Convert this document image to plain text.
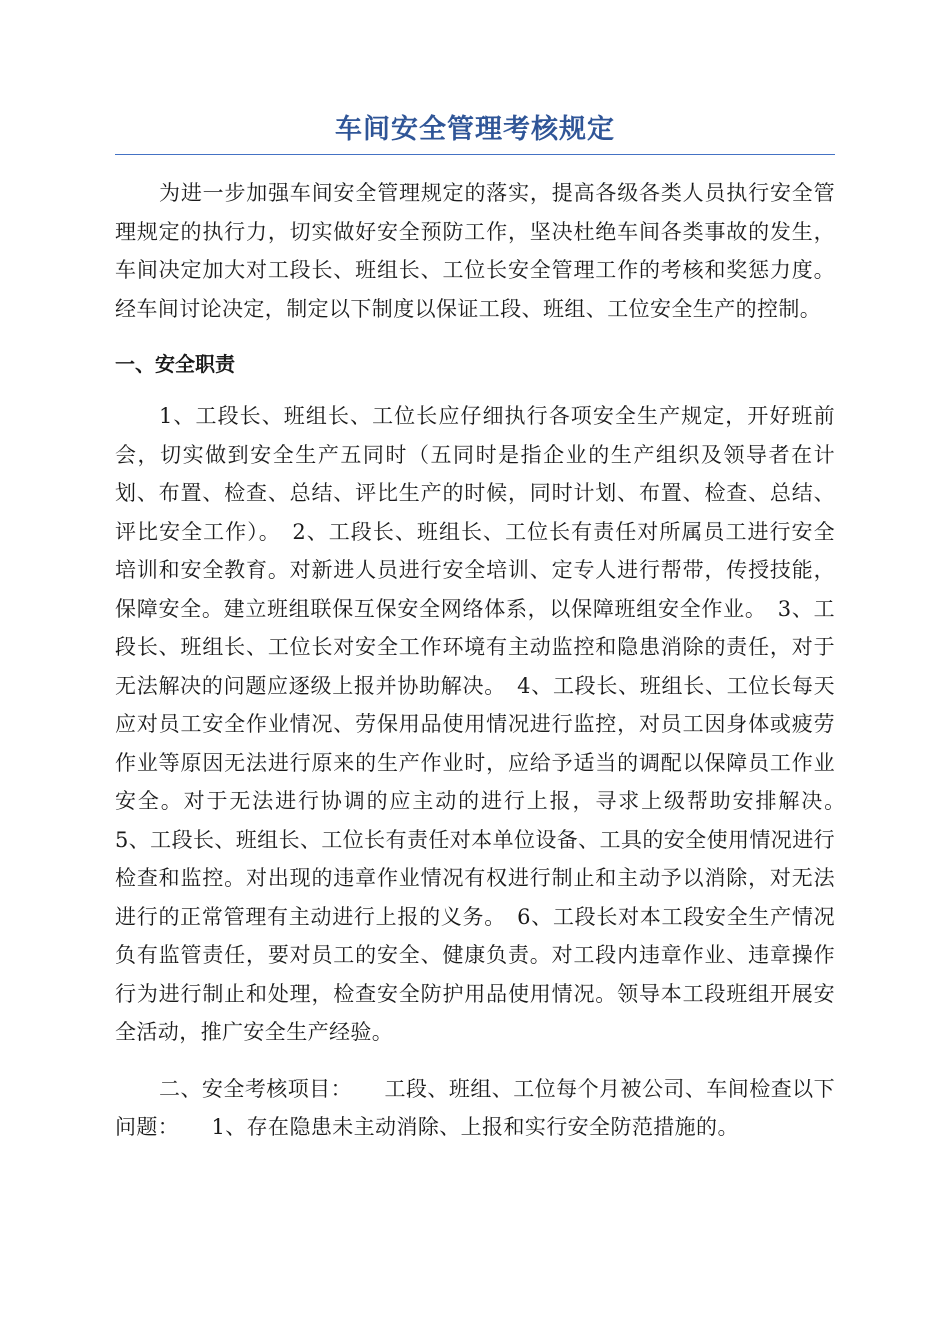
车间安全管理考核规定

为进一步加强车间安全管理规定的落实，提高各级各类人员执行安全管理规定的执行力，切实做好安全预防工作，坚决杜绝车间各类事故的发生，车间决定加大对工段长、班组长、工位长安全管理工作的考核和奖惩力度。经车间讨论决定，制定以下制度以保证工段、班组、工位安全生产的控制。

一、安全职责

1、工段长、班组长、工位长应仔细执行各项安全生产规定，开好班前会，切实做到安全生产五同时（五同时是指企业的生产组织及领导者在计划、布置、检查、总结、评比生产的时候，同时计划、布置、检查、总结、评比安全工作）。　2、工段长、班组长、工位长有责任对所属员工进行安全培训和安全教育。对新进人员进行安全培训、定专人进行帮带，传授技能，保障安全。建立班组联保互保安全网络体系，以保障班组安全作业。　3、工段长、班组长、工位长对安全工作环境有主动监控和隐患消除的责任，对于无法解决的问题应逐级上报并协助解决。　4、工段长、班组长、工位长每天应对员工安全作业情况、劳保用品使用情况进行监控，对员工因身体或疲劳作业等原因无法进行原来的生产作业时，应给予适当的调配以保障员工作业安全。对于无法进行协调的应主动的进行上报，寻求上级帮助安排解决。　5、工段长、班组长、工位长有责任对本单位设备、工具的安全使用情况进行检查和监控。对出现的违章作业情况有权进行制止和主动予以消除，对无法进行的正常管理有主动进行上报的义务。　6、工段长对本工段安全生产情况负有监管责任，要对员工的安全、健康负责。对工段内违章作业、违章操作行为进行制止和处理，检查安全防护用品使用情况。领导本工段班组开展安全活动，推广安全生产经验。

二、安全考核项目：　　工段、班组、工位每个月被公司、车间检查以下问题：　　1、存在隐患未主动消除、上报和实行安全防范措施的。
